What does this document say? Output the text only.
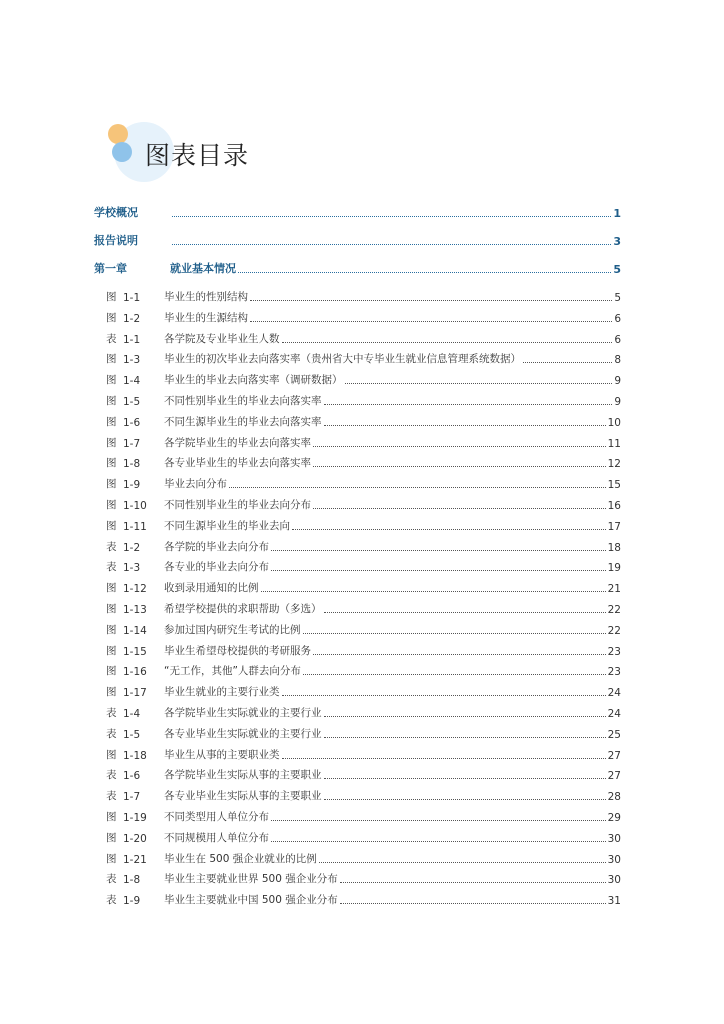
图表目录
学校概况	1
报告说明	3
第一章	就业基本情况	5
图 1-1	毕业生的性别结构	5
图 1-2	毕业生的生源结构	6
表 1-1	各学院及专业毕业生人数	6
图 1-3	毕业生的初次毕业去向落实率（贵州省大中专毕业生就业信息管理系统数据）	8
图 1-4	毕业生的毕业去向落实率（调研数据）	9
图 1-5	不同性别毕业生的毕业去向落实率	9
图 1-6	不同生源毕业生的毕业去向落实率	10
图 1-7	各学院毕业生的毕业去向落实率	11
图 1-8	各专业毕业生的毕业去向落实率	12
图 1-9	毕业去向分布	15
图 1-10	不同性别毕业生的毕业去向分布	16
图 1-11	不同生源毕业生的毕业去向	17
表 1-2	各学院的毕业去向分布	18
表 1-3	各专业的毕业去向分布	19
图 1-12	收到录用通知的比例	21
图 1-13	希望学校提供的求职帮助（多选）	22
图 1-14	参加过国内研究生考试的比例	22
图 1-15	毕业生希望母校提供的考研服务	23
图 1-16	“无工作，其他”人群去向分布	23
图 1-17	毕业生就业的主要行业类	24
表 1-4	各学院毕业生实际就业的主要行业	24
表 1-5	各专业毕业生实际就业的主要行业	25
图 1-18	毕业生从事的主要职业类	27
表 1-6	各学院毕业生实际从事的主要职业	27
表 1-7	各专业毕业生实际从事的主要职业	28
图 1-19	不同类型用人单位分布	29
图 1-20	不同规模用人单位分布	30
图 1-21	毕业生在 500 强企业就业的比例	30
表 1-8	毕业生主要就业世界 500 强企业分布	30
表 1-9	毕业生主要就业中国 500 强企业分布	31
